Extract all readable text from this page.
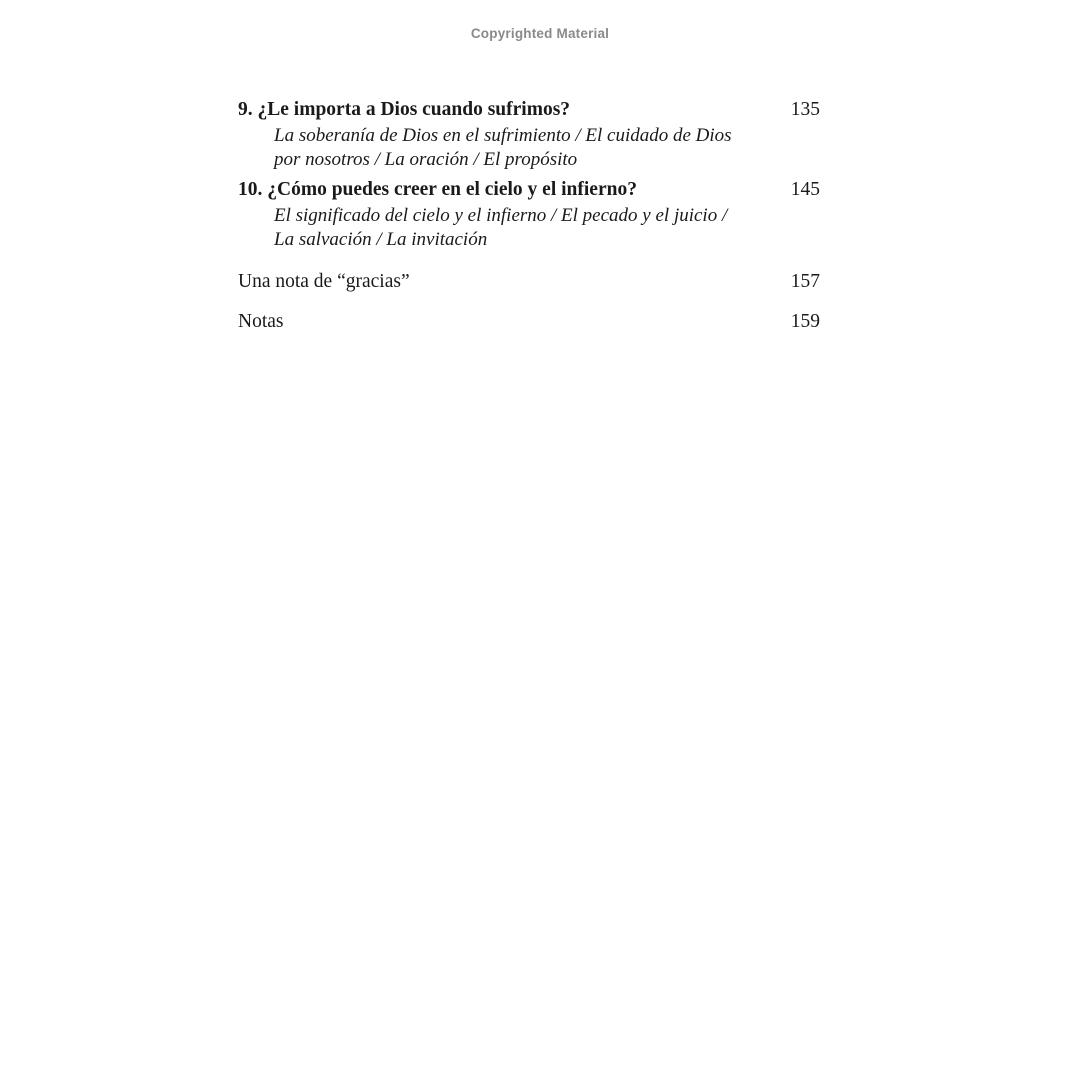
Copyrighted Material
9. ¿Le importa a Dios cuando sufrimos?	135
La soberanía de Dios en el sufrimiento / El cuidado de Dios
por nosotros / La oración / El propósito
10. ¿Cómo puedes creer en el cielo y el infierno?	145
El significado del cielo y el infierno / El pecado y el juicio /
La salvación / La invitación
Una nota de “gracias”	157
Notas	159
